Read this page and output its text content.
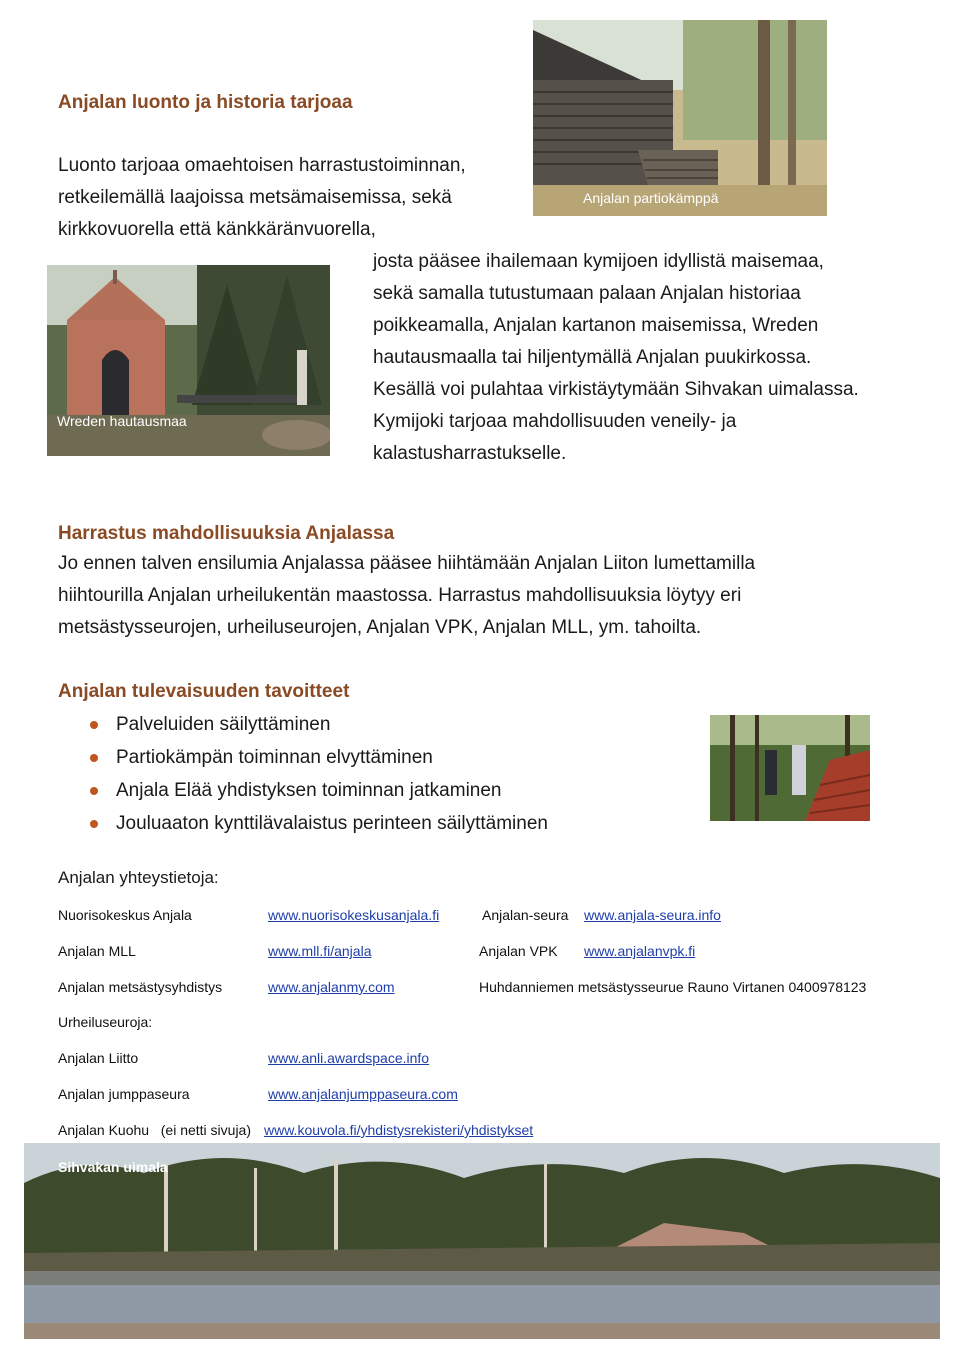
Anjalan partiokämppä
Wreden hautausmaa
Anjalan luonto ja historia tarjoaa
Luonto tarjoaa omaehtoisen harrastustoiminnan,
retkeilemällä laajoissa metsämaisemissa, sekä
kirkkovuorella että känkkäränvuorella,
josta pääsee ihailemaan kymijoen idyllistä maisemaa,
sekä samalla tutustumaan palaan Anjalan historiaa
poikkeamalla, Anjalan kartanon maisemissa, Wreden
hautausmaalla tai hiljentymällä Anjalan puukirkossa.
Kesällä voi pulahtaa virkistäytymään Sihvakan uimalassa.
Kymijoki tarjoaa mahdollisuuden veneily- ja
kalastusharrastukselle.
Harrastus mahdollisuuksia Anjalassa
Jo ennen talven ensilumia Anjalassa pääsee hiihtämään Anjalan Liiton lumettamilla
hiihtourilla Anjalan urheilukentän maastossa. Harrastus mahdollisuuksia löytyy eri
metsästysseurojen, urheiluseurojen, Anjalan VPK, Anjalan MLL, ym. tahoilta.
Anjalan tulevaisuuden tavoitteet
Palveluiden säilyttäminen
Partiokämpän toiminnan elvyttäminen
Anjala Elää yhdistyksen toiminnan jatkaminen
Jouluaaton kynttilävalaistus perinteen säilyttäminen
Anjalan yhteystietoja:
Nuorisokeskus Anjala	www.nuorisokeskusanjala.fi	Anjalan-seura www.anjala-seura.info
Anjalan MLL	www.mll.fi/anjala	Anjalan VPK www.anjalanvpk.fi
Anjalan metsästysyhdistys	www.anjalanmy.com	Huhdanniemen metsästysseurue Rauno Virtanen 0400978123
Urheiluseuroja:
Anjalan Liitto	www.anli.awardspace.info
Anjalan jumppaseura	www.anjalanjumppaseura.com
Anjalan Kuohu   (ei netti sivuja) www.kouvola.fi/yhdistysrekisteri/yhdistykset
Sihvakan uimala
